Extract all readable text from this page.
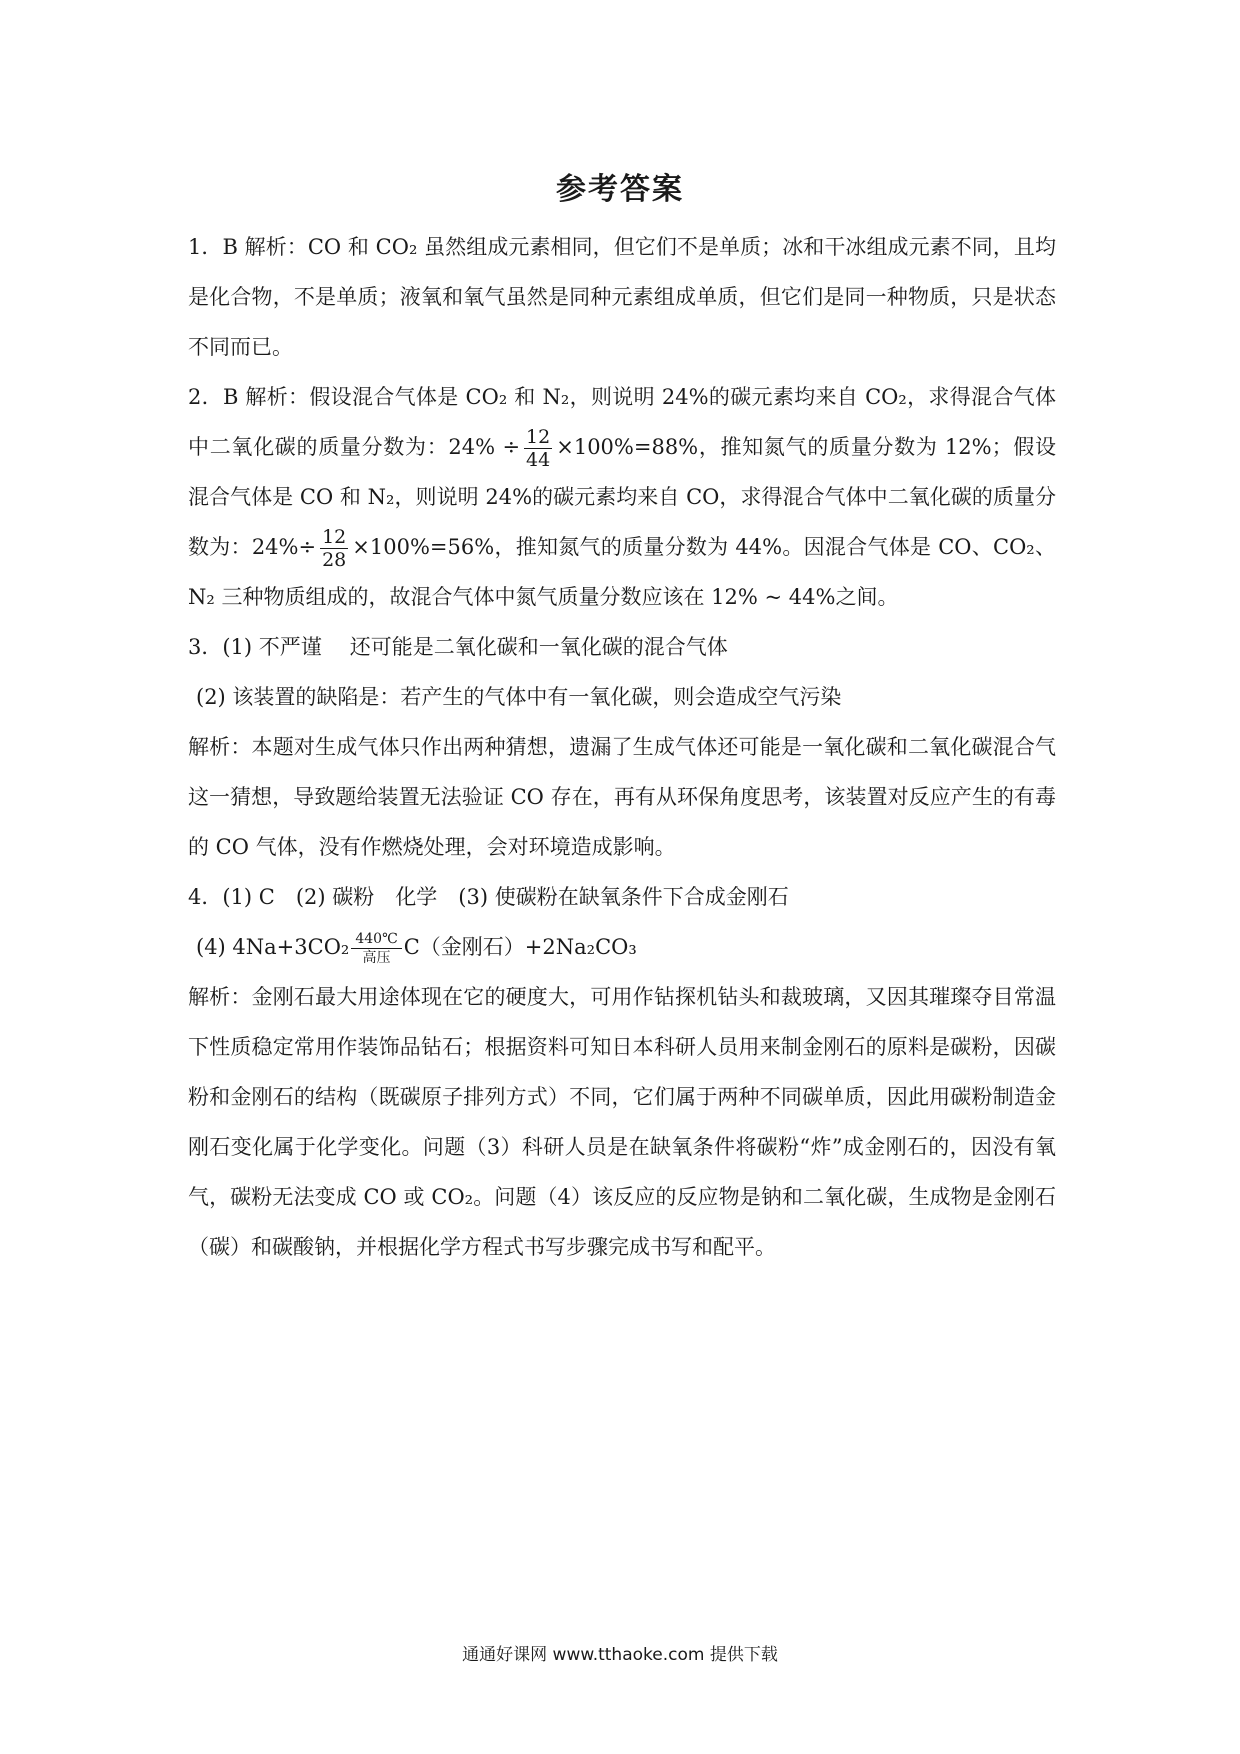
参考答案

1．B 解析：CO 和 CO₂ 虽然组成元素相同，但它们不是单质；冰和干冰组成元素不同，且均是化合物，不是单质；液氧和氧气虽然是同种元素组成单质，但它们是同一种物质，只是状态不同而已。

2．B 解析：假设混合气体是 CO₂ 和 N₂，则说明 24%的碳元素均来自 CO₂，求得混合气体中二氧化碳的质量分数为：$24\% \div \frac{12}{44} \times 100\%=88\%$，推知氮气的质量分数为 12%；假设混合气体是 CO 和 N₂，则说明 24%的碳元素均来自 CO，求得混合气体中二氧化碳的质量分数为：$24\%\div \frac{12}{28} \times 100\%=56\%$，推知氮气的质量分数为 44%。因混合气体是 CO、CO₂、N₂ 三种物质组成的，故混合气体中氮气质量分数应该在 12% ~ 44%之间。

3．(1) 不严谨 还可能是二氧化碳和一氧化碳的混合气体

(2) 该装置的缺陷是：若产生的气体中有一氧化碳，则会造成空气污染

解析：本题对生成气体只作出两种猜想，遗漏了生成气体还可能是一氧化碳和二氧化碳混合气这一猜想，导致题给装置无法验证 CO 存在，再有从环保角度思考，该装置对反应产生的有毒的 CO 气体，没有作燃烧处理，会对环境造成影响。

4．(1) C　(2) 碳粉　化学　(3) 使碳粉在缺氧条件下合成金刚石

(4) 4Na+3CO₂ 440℃
高压 C（金刚石）+2Na₂CO₃

解析：金刚石最大用途体现在它的硬度大，可用作钻探机钻头和裁玻璃，又因其璀璨夺目常温下性质稳定常用作装饰品钻石；根据资料可知日本科研人员用来制金刚石的原料是碳粉，因碳粉和金刚石的结构（既碳原子排列方式）不同，它们属于两种不同碳单质，因此用碳粉制造金刚石变化属于化学变化。问题（3）科研人员是在缺氧条件将碳粉“炸”成金刚石的，因没有氧气，碳粉无法变成 CO 或 CO₂。问题（4）该反应的反应物是钠和二氧化碳，生成物是金刚石（碳）和碳酸钠，并根据化学方程式书写步骤完成书写和配平。

通通好课网 www.tthaoke.com 提供下载
